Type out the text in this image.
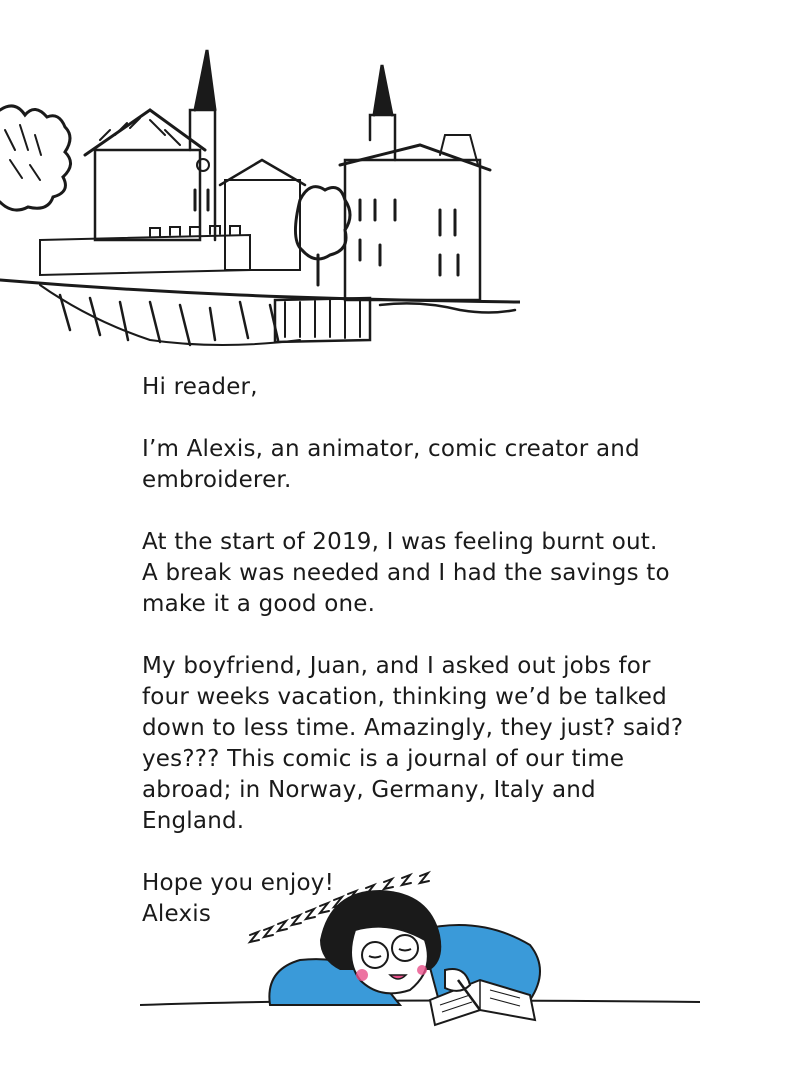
Hi reader,

I’m Alexis, an animator, comic creator and
embroiderer.

At the start of 2019, I was feeling burnt out.
A break was needed and I had the savings to
make it a good one.

My boyfriend, Juan, and I asked out jobs for
four weeks vacation, thinking we’d be talked
down to less time. Amazingly, they just? said?
yes??? This comic is a journal of our time
abroad; in Norway, Germany, Italy and England.

Hope you enjoy!

Alexis
